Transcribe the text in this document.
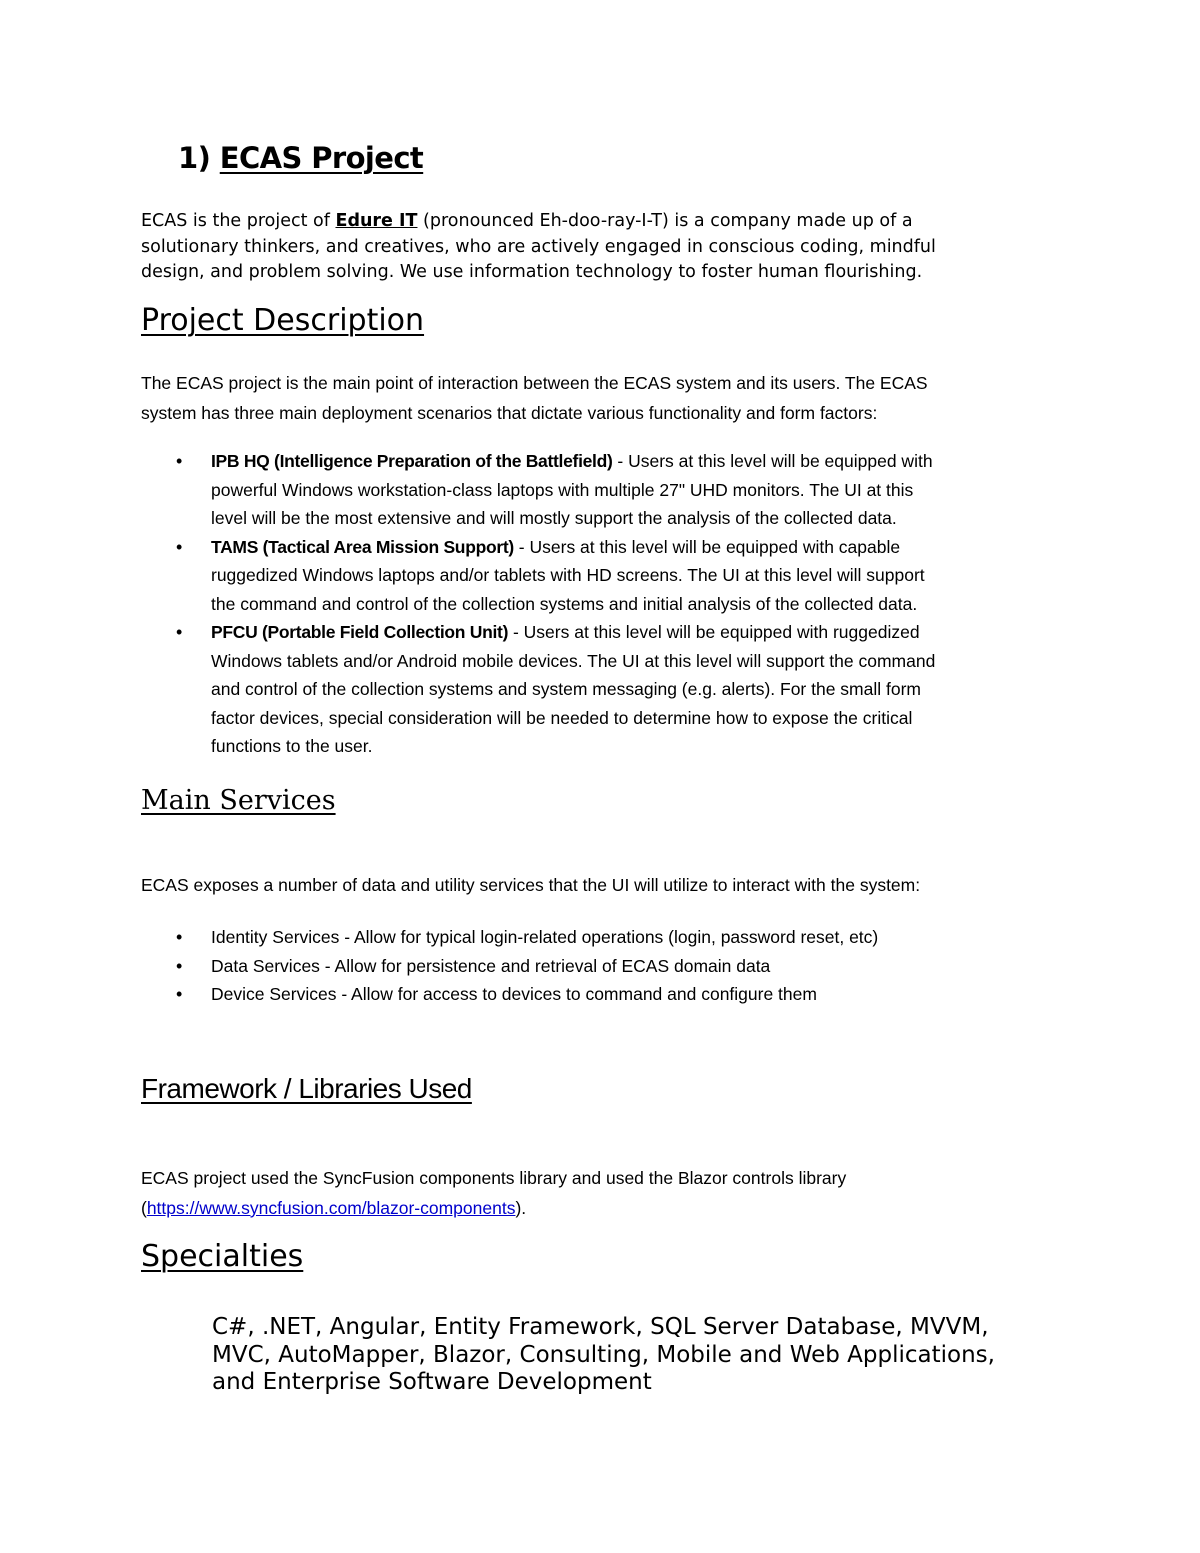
1) ECAS Project
ECAS is the project of Edure IT (pronounced Eh-doo-ray-I-T) is a company made up of a
solutionary thinkers, and creatives, who are actively engaged in conscious coding, mindful
design, and problem solving. We use information technology to foster human flourishing.
Project Description
The ECAS project is the main point of interaction between the ECAS system and its users. The ECAS
system has three main deployment scenarios that dictate various functionality and form factors:
• IPB HQ (Intelligence Preparation of the Battlefield) - Users at this level will be equipped with
powerful Windows workstation-class laptops with multiple 27" UHD monitors. The UI at this
level will be the most extensive and will mostly support the analysis of the collected data.
• TAMS (Tactical Area Mission Support) - Users at this level will be equipped with capable
ruggedized Windows laptops and/or tablets with HD screens. The UI at this level will support
the command and control of the collection systems and initial analysis of the collected data.
• PFCU (Portable Field Collection Unit) - Users at this level will be equipped with ruggedized
Windows tablets and/or Android mobile devices. The UI at this level will support the command
and control of the collection systems and system messaging (e.g. alerts). For the small form
factor devices, special consideration will be needed to determine how to expose the critical
functions to the user.
Main Services
ECAS exposes a number of data and utility services that the UI will utilize to interact with the system:
• Identity Services - Allow for typical login-related operations (login, password reset, etc)
• Data Services - Allow for persistence and retrieval of ECAS domain data
• Device Services - Allow for access to devices to command and configure them
Framework / Libraries Used
ECAS project used the SyncFusion components library and used the Blazor controls library
(https://www.syncfusion.com/blazor-components).
Specialties
C#, .NET, Angular, Entity Framework, SQL Server Database, MVVM,
MVC, AutoMapper, Blazor, Consulting, Mobile and Web Applications,
and Enterprise Software Development
